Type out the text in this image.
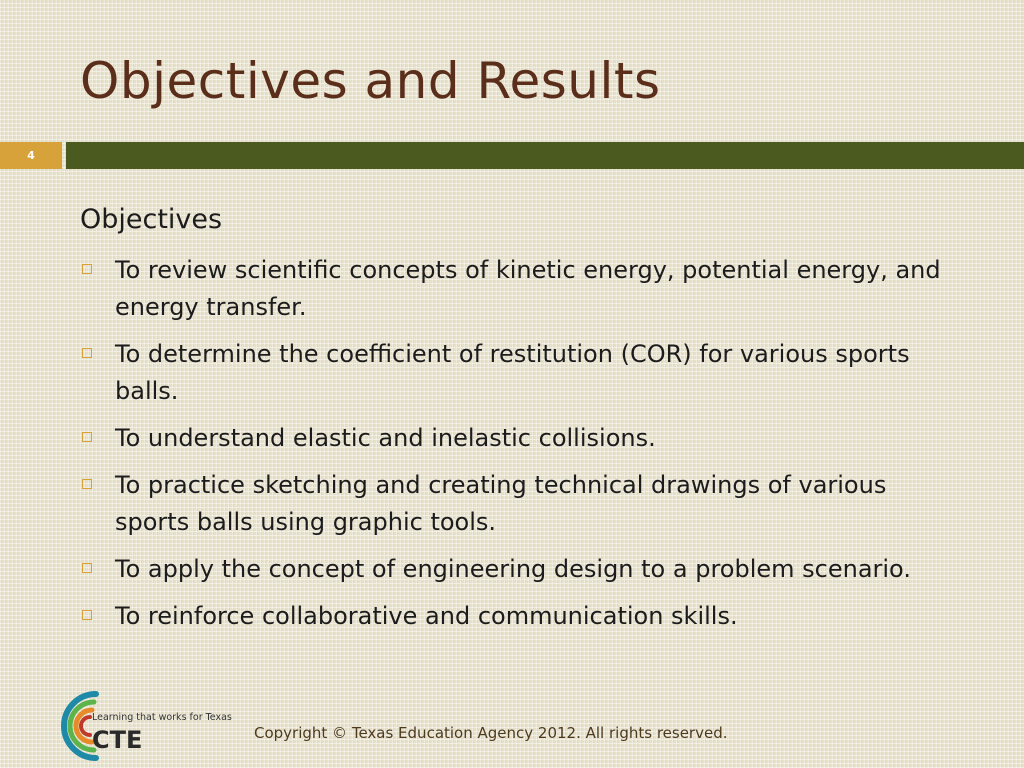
Objectives and Results
4
Objectives
To review scientific concepts of kinetic energy, potential energy, and energy transfer.
To determine the coefficient of restitution (COR) for various sports balls.
To understand elastic and inelastic collisions.
To practice sketching and creating technical drawings of various sports balls using graphic tools.
To apply the concept of engineering design to a problem scenario.
To reinforce collaborative and communication skills.
Learning that works for Texas
CTE	Copyright © Texas Education Agency 2012. All rights reserved.
